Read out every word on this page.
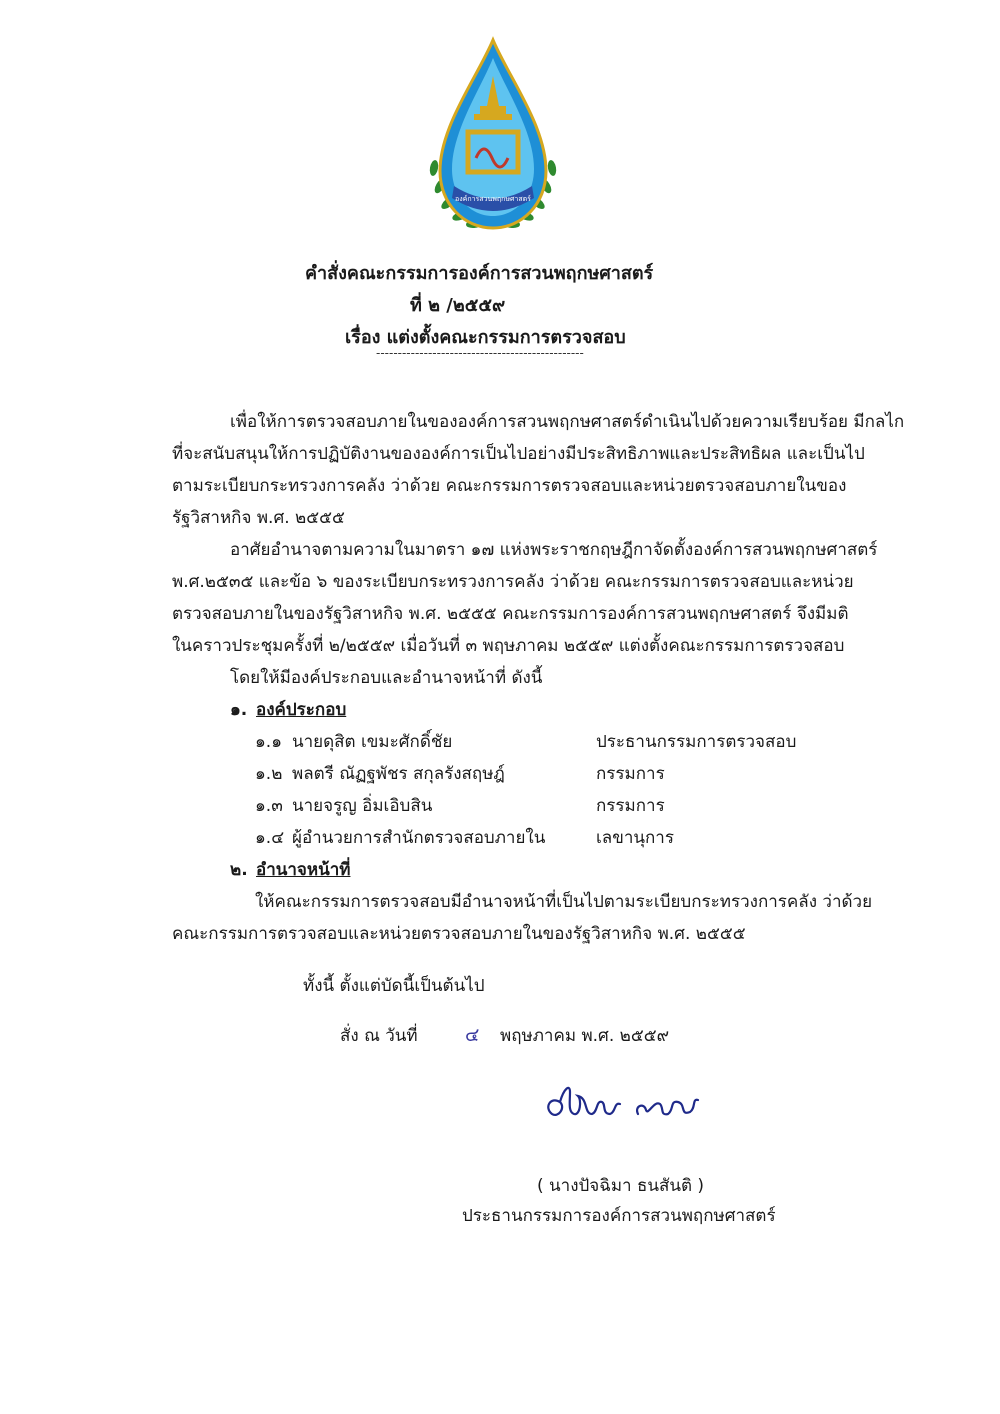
องค์การสวนพฤกษศาสตร์
คำสั่งคณะกรรมการองค์การสวนพฤกษศาสตร์
ที่ ๒ /๒๕๕๙
เรื่อง แต่งตั้งคณะกรรมการตรวจสอบ
------------------------------------------------
เพื่อให้การตรวจสอบภายในขององค์การสวนพฤกษศาสตร์ดำเนินไปด้วยความเรียบร้อย มีกลไก
ที่จะสนับสนุนให้การปฏิบัติงานขององค์การเป็นไปอย่างมีประสิทธิภาพและประสิทธิผล และเป็นไป
ตามระเบียบกระทรวงการคลัง ว่าด้วย คณะกรรมการตรวจสอบและหน่วยตรวจสอบภายในของ
รัฐวิสาหกิจ พ.ศ. ๒๕๕๕
อาศัยอำนาจตามความในมาตรา ๑๗ แห่งพระราชกฤษฎีกาจัดตั้งองค์การสวนพฤกษศาสตร์
พ.ศ.๒๕๓๕ และข้อ ๖ ของระเบียบกระทรวงการคลัง ว่าด้วย คณะกรรมการตรวจสอบและหน่วย
ตรวจสอบภายในของรัฐวิสาหกิจ พ.ศ. ๒๕๕๕ คณะกรรมการองค์การสวนพฤกษศาสตร์ จึงมีมติ
ในคราวประชุมครั้งที่ ๒/๒๕๕๙ เมื่อวันที่ ๓ พฤษภาคม ๒๕๕๙ แต่งตั้งคณะกรรมการตรวจสอบ
โดยให้มีองค์ประกอบและอำนาจหน้าที่ ดังนี้
๑. องค์ประกอบ
๑.๑ นายดุสิต เขมะศักดิ์ชัย	ประธานกรรมการตรวจสอบ
๑.๒ พลตรี ณัฏฐพัชร สกุลรังสฤษฎ์	กรรมการ
๑.๓ นายจรูญ อิ่มเอิบสิน	กรรมการ
๑.๔ ผู้อำนวยการสำนักตรวจสอบภายใน	เลขานุการ
๒. อำนาจหน้าที่
ให้คณะกรรมการตรวจสอบมีอำนาจหน้าที่เป็นไปตามระเบียบกระทรวงการคลัง ว่าด้วย
คณะกรรมการตรวจสอบและหน่วยตรวจสอบภายในของรัฐวิสาหกิจ พ.ศ. ๒๕๕๕
ทั้งนี้ ตั้งแต่บัดนี้เป็นต้นไป
สั่ง ณ วันที่ ๔ พฤษภาคม พ.ศ. ๒๕๕๙
( นางปัจฉิมา ธนสันติ )
ประธานกรรมการองค์การสวนพฤกษศาสตร์
